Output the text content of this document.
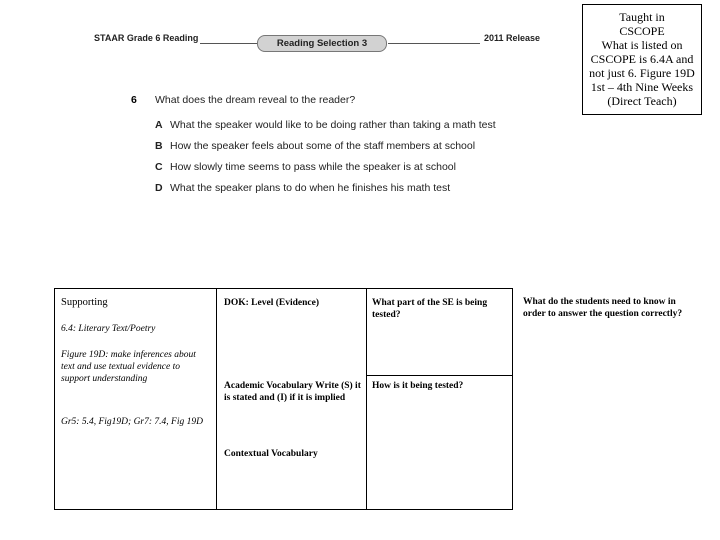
STAAR Grade 6 Reading	Reading Selection 3	2011 Release
Taught in
CSCOPE
What is listed on
CSCOPE is 6.4A and
not just 6. Figure 19D
1st – 4th Nine Weeks
(Direct Teach)
6 What does the dream reveal to the reader?
A What the speaker would like to be doing rather than taking a math test
B How the speaker feels about some of the staff members at school
C How slowly time seems to pass while the speaker is at school
D What the speaker plans to do when he finishes his math test
Supporting
6.4: Literary Text/Poetry
Figure 19D: make inferences about text and use textual evidence to support understanding
Gr5: 5.4, Fig19D; Gr7: 7.4, Fig 19D
DOK: Level (Evidence)
Academic Vocabulary Write (S) it is stated and (I) if it is implied
Contextual Vocabulary
What part of the SE is being tested?
How is it being tested?
What do the students need to know in order to answer the question correctly?
